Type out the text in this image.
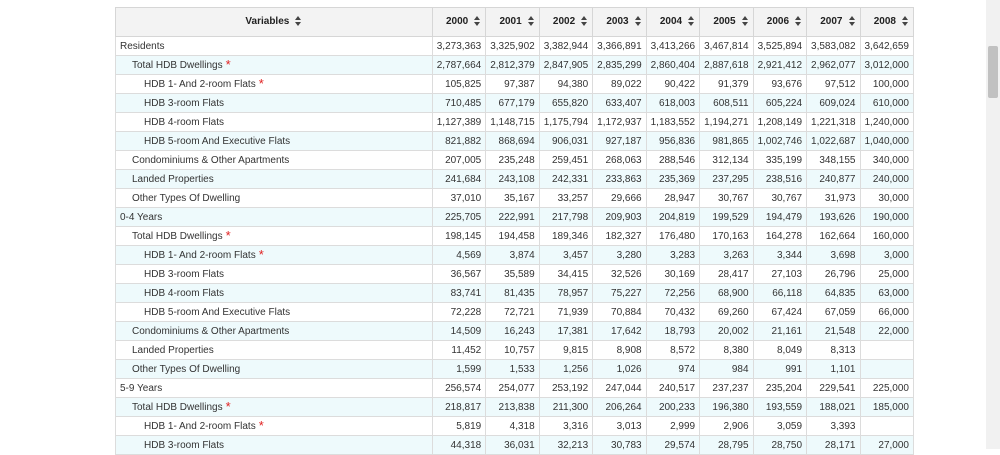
Variables	2000	2001	2002	2003	2004	2005	2006	2007	2008
Residents	3,273,363	3,325,902	3,382,944	3,366,891	3,413,266	3,467,814	3,525,894	3,583,082	3,642,659
Total HDB Dwellings *	2,787,664	2,812,379	2,847,905	2,835,299	2,860,404	2,887,618	2,921,412	2,962,077	3,012,000
HDB 1- And 2-room Flats *	105,825	97,387	94,380	89,022	90,422	91,379	93,676	97,512	100,000
HDB 3-room Flats	710,485	677,179	655,820	633,407	618,003	608,511	605,224	609,024	610,000
HDB 4-room Flats	1,127,389	1,148,715	1,175,794	1,172,937	1,183,552	1,194,271	1,208,149	1,221,318	1,240,000
HDB 5-room And Executive Flats	821,882	868,694	906,031	927,187	956,836	981,865	1,002,746	1,022,687	1,040,000
Condominiums & Other Apartments	207,005	235,248	259,451	268,063	288,546	312,134	335,199	348,155	340,000
Landed Properties	241,684	243,108	242,331	233,863	235,369	237,295	238,516	240,877	240,000
Other Types Of Dwelling	37,010	35,167	33,257	29,666	28,947	30,767	30,767	31,973	30,000
0-4 Years	225,705	222,991	217,798	209,903	204,819	199,529	194,479	193,626	190,000
Total HDB Dwellings *	198,145	194,458	189,346	182,327	176,480	170,163	164,278	162,664	160,000
HDB 1- And 2-room Flats *	4,569	3,874	3,457	3,280	3,283	3,263	3,344	3,698	3,000
HDB 3-room Flats	36,567	35,589	34,415	32,526	30,169	28,417	27,103	26,796	25,000
HDB 4-room Flats	83,741	81,435	78,957	75,227	72,256	68,900	66,118	64,835	63,000
HDB 5-room And Executive Flats	72,228	72,721	71,939	70,884	70,432	69,260	67,424	67,059	66,000
Condominiums & Other Apartments	14,509	16,243	17,381	17,642	18,793	20,002	21,161	21,548	22,000
Landed Properties	11,452	10,757	9,815	8,908	8,572	8,380	8,049	8,313	
Other Types Of Dwelling	1,599	1,533	1,256	1,026	974	984	991	1,101	
5-9 Years	256,574	254,077	253,192	247,044	240,517	237,237	235,204	229,541	225,000
Total HDB Dwellings *	218,817	213,838	211,300	206,264	200,233	196,380	193,559	188,021	185,000
HDB 1- And 2-room Flats *	5,819	4,318	3,316	3,013	2,999	2,906	3,059	3,393	
HDB 3-room Flats	44,318	36,031	32,213	30,783	29,574	28,795	28,750	28,171	27,000
